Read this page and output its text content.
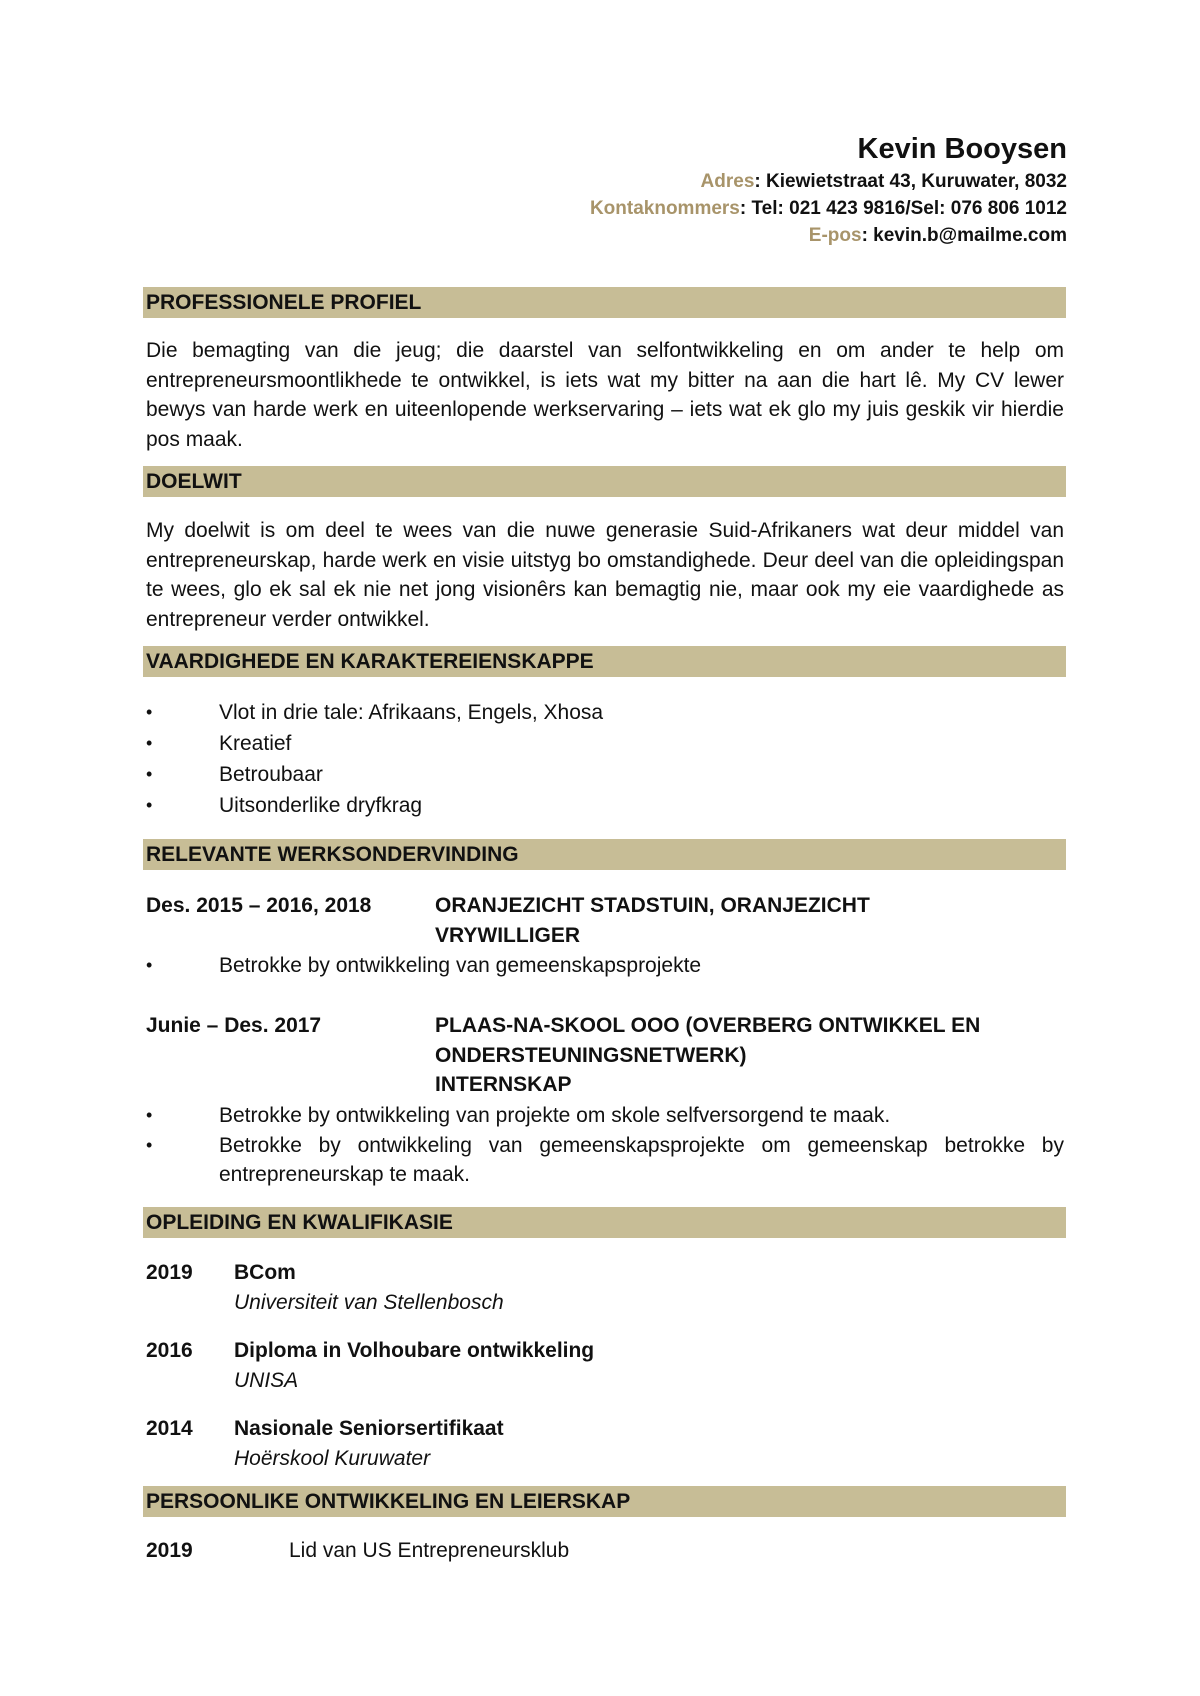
Kevin Booysen
Adres: Kiewietstraat 43, Kuruwater, 8032
Kontaknommers: Tel: 021 423 9816/Sel: 076 806 1012
E-pos: kevin.b@mailme.com
PROFESSIONELE PROFIEL

Die bemagting van die jeug; die daarstel van selfontwikkeling en om ander te help om entrepreneursmoontlikhede te ontwikkel, is iets wat my bitter na aan die hart lê. My CV lewer bewys van harde werk en uiteenlopende werkservaring – iets wat ek glo my juis geskik vir hierdie pos maak.

DOELWIT

My doelwit is om deel te wees van die nuwe generasie Suid-Afrikaners wat deur middel van entrepreneurskap, harde werk en visie uitstyg bo omstandighede. Deur deel van die opleidingspan te wees, glo ek sal ek nie net jong visionêrs kan bemagtig nie, maar ook my eie vaardighede as entrepreneur verder ontwikkel.

VAARDIGHEDE EN KARAKTEREIENSKAPPE
• Vlot in drie tale: Afrikaans, Engels, Xhosa
• Kreatief
• Betroubaar
• Uitsonderlike dryfkrag
RELEVANTE WERKSONDERVINDING
Des. 2015 – 2016, 2018	ORANJEZICHT STADSTUIN, ORANJEZICHT
VRYWILLIGER
• Betrokke by ontwikkeling van gemeenskapsprojekte
Junie – Des. 2017	PLAAS-NA-SKOOL OOO (OVERBERG ONTWIKKEL EN
ONDERSTEUNINGSNETWERK)
INTERNSKAP
• Betrokke by ontwikkeling van projekte om skole selfversorgend te maak.
• Betrokke by ontwikkeling van gemeenskapsprojekte om gemeenskap betrokke by entrepreneurskap te maak.
OPLEIDING EN KWALIFIKASIE
2019 BCom
Universiteit van Stellenbosch
2016 Diploma in Volhoubare ontwikkeling
UNISA
2014 Nasionale Seniorsertifikaat
Hoërskool Kuruwater
PERSOONLIKE ONTWIKKELING EN LEIERSKAP
2019	Lid van US Entrepreneursklub
